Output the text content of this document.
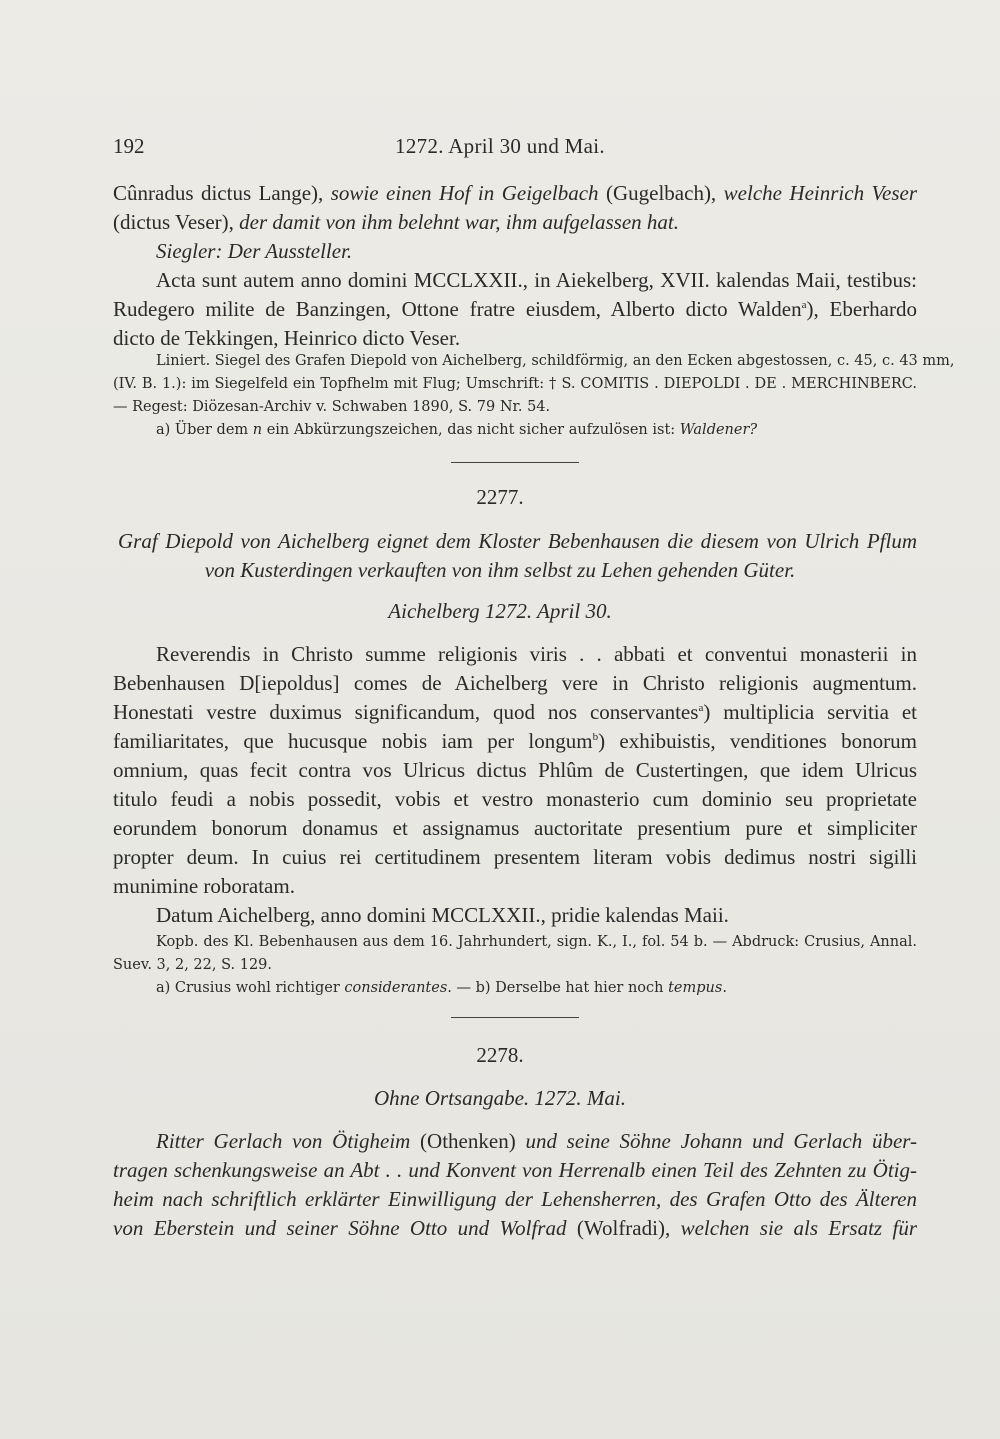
192	1272. April 30 und Mai.
Cûnradus dictus Lange), sowie einen Hof in Geigelbach (Gugelbach), welche Heinrich Veser
(dictus Veser), der damit von ihm belehnt war, ihm aufgelassen hat.
Siegler: Der Aussteller.
Acta sunt autem anno domini MCCLXXII., in Aiekelberg, XVII. kalendas Maii, testibus:
Rudegero milite de Banzingen, Ottone fratre eiusdem, Alberto dicto Walden$^a$), Eberhardo
dicto de Tekkingen, Heinrico dicto Veser.
Liniert. Siegel des Grafen Diepold von Aichelberg, schildförmig, an den Ecken abgestossen, c. 45, c. 43 mm,
(IV. B. 1.): im Siegelfeld ein Topfhelm mit Flug; Umschrift: † S. COMITIS . DIEPOLDI . DE . MERCHINBERC.
— Regest: Diözesan-Archiv v. Schwaben 1890, S. 79 Nr. 54.
a) Über dem n ein Abkürzungszeichen, das nicht sicher aufzulösen ist: Waldener?
2277.
Graf Diepold von Aichelberg eignet dem Kloster Bebenhausen die diesem von Ulrich Pflum
von Kusterdingen verkauften von ihm selbst zu Lehen gehenden Güter.
Aichelberg 1272. April 30.
Reverendis in Christo summe religionis viris . . abbati et conventui monasterii in
Bebenhausen D[iepoldus] comes de Aichelberg vere in Christo religionis augmentum.
Honestati vestre duximus significandum, quod nos conservantes$^a$) multiplicia servitia et
familiaritates, que hucusque nobis iam per longum$^b$) exhibuistis, venditiones bonorum
omnium, quas fecit contra vos Ulricus dictus Phlûm de Custertingen, que idem Ulricus
titulo feudi a nobis possedit, vobis et vestro monasterio cum dominio seu proprietate
eorundem bonorum donamus et assignamus auctoritate presentium pure et simpliciter
propter deum. In cuius rei certitudinem presentem literam vobis dedimus nostri sigilli
munimine roboratam.
Datum Aichelberg, anno domini MCCLXXII., pridie kalendas Maii.
Kopb. des Kl. Bebenhausen aus dem 16. Jahrhundert, sign. K., I., fol. 54 b. — Abdruck: Crusius, Annal.
Suev. 3, 2, 22, S. 129.
a) Crusius wohl richtiger considerantes. — b) Derselbe hat hier noch tempus.
2278.
Ohne Ortsangabe. 1272. Mai.
Ritter Gerlach von Ötigheim (Othenken) und seine Söhne Johann und Gerlach über-
tragen schenkungsweise an Abt . . und Konvent von Herrenalb einen Teil des Zehnten zu Ötig-
heim nach schriftlich erklärter Einwilligung der Lehensherren, des Grafen Otto des Älteren
von Eberstein und seiner Söhne Otto und Wolfrad (Wolfradi), welchen sie als Ersatz für
